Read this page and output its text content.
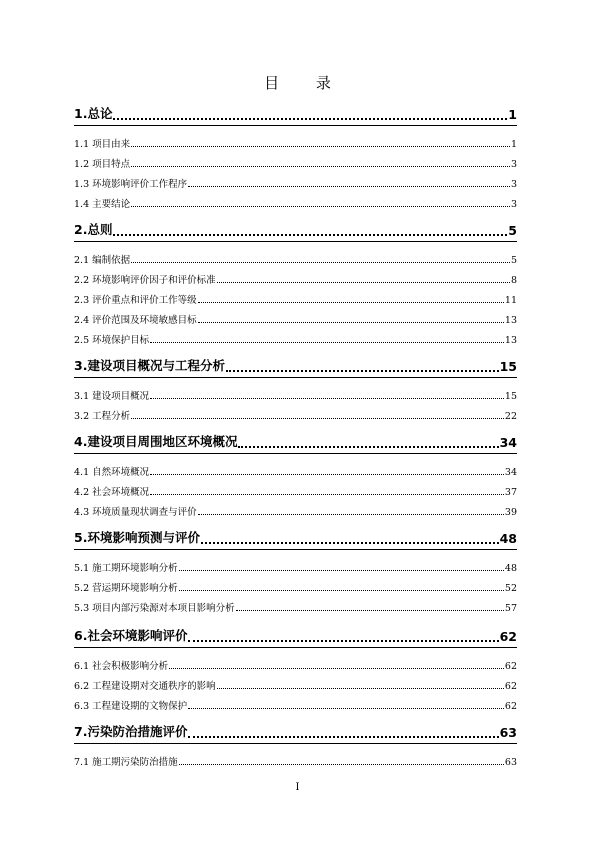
目 录
1.总论	1
1.1 项目由来	1
1.2 项目特点	3
1.3 环境影响评价工作程序	3
1.4 主要结论	3
2.总则	5
2.1 编制依据	5
2.2 环境影响评价因子和评价标准	8
2.3 评价重点和评价工作等级	11
2.4 评价范围及环境敏感目标	13
2.5 环境保护目标	13
3.建设项目概况与工程分析	15
3.1 建设项目概况	15
3.2 工程分析	22
4.建设项目周围地区环境概况	34
4.1 自然环境概况	34
4.2 社会环境概况	37
4.3 环境质量现状调查与评价	39
5.环境影响预测与评价	48
5.1 施工期环境影响分析	48
5.2 营运期环境影响分析	52
5.3 项目内部污染源对本项目影响分析	57
6.社会环境影响评价	62
6.1 社会积极影响分析	62
6.2 工程建设期对交通秩序的影响	62
6.3 工程建设期的文物保护	62
7.污染防治措施评价	63
7.1 施工期污染防治措施	63
I
